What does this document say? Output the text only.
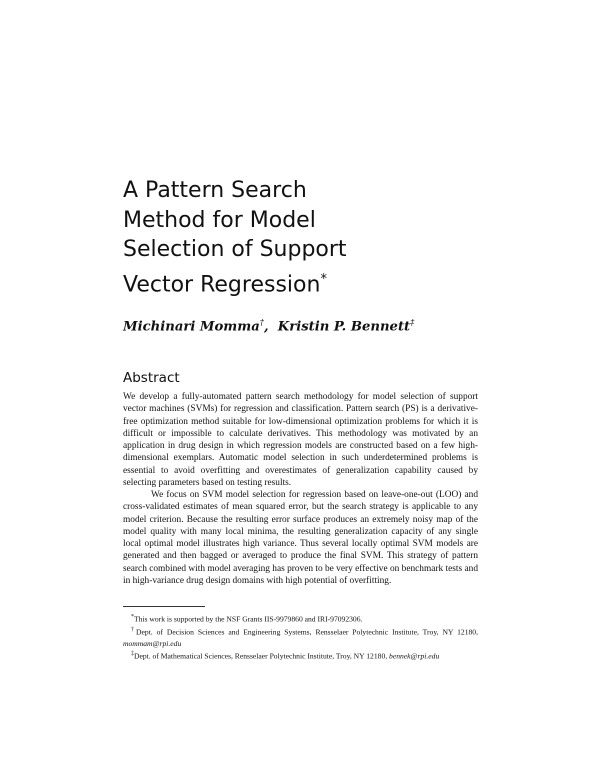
A Pattern Search
Method for Model
Selection of Support
Vector Regression*
Michinari Momma†, Kristin P. Bennett‡
Abstract

We develop a fully-automated pattern search methodology for model selection of support vector machines (SVMs) for regression and classification. Pattern search (PS) is a derivative-free optimization method suitable for low-dimensional optimization problems for which it is difficult or impossible to calculate derivatives. This methodology was motivated by an application in drug design in which regression models are constructed based on a few high-dimensional exemplars. Automatic model selection in such underdetermined problems is essential to avoid overfitting and overestimates of generalization capability caused by selecting parameters based on testing results.

We focus on SVM model selection for regression based on leave-one-out (LOO) and cross-validated estimates of mean squared error, but the search strategy is applicable to any model criterion. Because the resulting error surface produces an extremely noisy map of the model quality with many local minima, the resulting generalization capacity of any single local optimal model illustrates high variance. Thus several locally optimal SVM models are generated and then bagged or averaged to produce the final SVM. This strategy of pattern search combined with model averaging has proven to be very effective on benchmark tests and in high-variance drug design domains with high potential of overfitting.

*This work is supported by the NSF Grants IIS-9979860 and IRI-97092306.

†Dept. of Decision Sciences and Engineering Systems, Rensselaer Polytechnic Institute, Troy, NY 12180, mommam@rpi.edu

‡Dept. of Mathematical Sciences, Rensselaer Polytechnic Institute, Troy, NY 12180, bennek@rpi.edu
